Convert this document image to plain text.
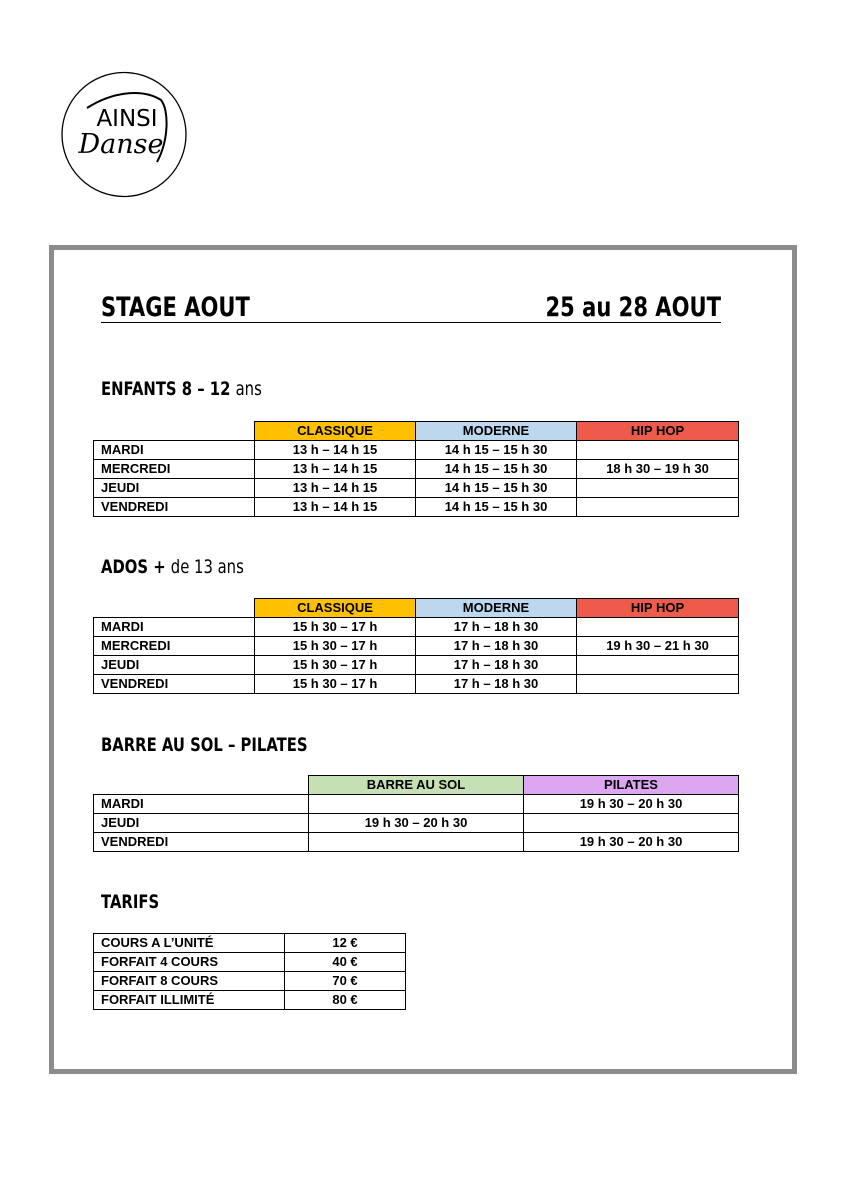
AINSI
Danse
STAGE AOUT	25 au 28 AOUT
ENFANTS 8 – 12 ans
	CLASSIQUE	MODERNE	HIP HOP
MARDI	13 h – 14 h 15	14 h 15 – 15 h 30	
MERCREDI	13 h – 14 h 15	14 h 15 – 15 h 30	18 h 30 – 19 h 30
JEUDI	13 h – 14 h 15	14 h 15 – 15 h 30	
VENDREDI	13 h – 14 h 15	14 h 15 – 15 h 30	
ADOS + de 13 ans
	CLASSIQUE	MODERNE	HIP HOP
MARDI	15 h 30 – 17 h	17 h – 18 h 30	
MERCREDI	15 h 30 – 17 h	17 h – 18 h 30	19 h 30 – 21 h 30
JEUDI	15 h 30 – 17 h	17 h – 18 h 30	
VENDREDI	15 h 30 – 17 h	17 h – 18 h 30	
BARRE AU SOL – PILATES
	BARRE AU SOL	PILATES
MARDI		19 h 30 – 20 h 30
JEUDI	19 h 30 – 20 h 30	
VENDREDI		19 h 30 – 20 h 30
TARIFS
COURS A L’UNITÉ	12 €
FORFAIT 4 COURS	40 €
FORFAIT 8 COURS	70 €
FORFAIT ILLIMITÉ	80 €
